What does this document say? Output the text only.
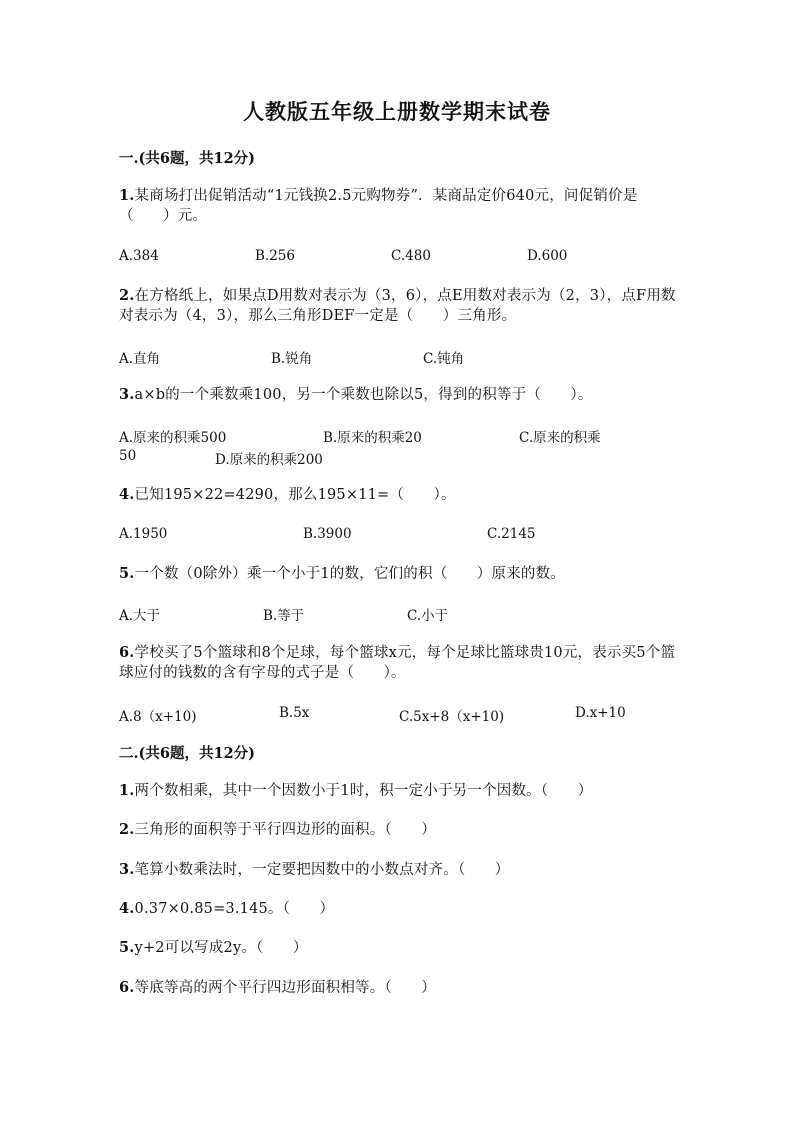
人教版五年级上册数学期末试卷
一.(共6题，共12分)
1.某商场打出促销活动“1元钱换2.5元购物券”．某商品定价640元，问促销价是（　　）元。
A.384	B.256	C.480	D.600
2.在方格纸上，如果点D用数对表示为（3，6），点E用数对表示为（2，3），点F用数对表示为（4，3），那么三角形DEF一定是（　　）三角形。
A.直角	B.锐角	C.钝角
3.a×b的一个乘数乘100，另一个乘数也除以5，得到的积等于（　　）。
A.原来的积乘500	B.原来的积乘20	C.原来的积乘
50	D.原来的积乘200
4.已知195×22=4290，那么195×11=（　　）。
A.1950	B.3900	C.2145
5.一个数（0除外）乘一个小于1的数，它们的积（　　）原来的数。
A.大于	B.等于	C.小于
6.学校买了5个篮球和8个足球，每个篮球x元，每个足球比篮球贵10元，表示买5个篮球应付的钱数的含有字母的式子是（　　）。
A.8（x+10)	B.5x	C.5x+8（x+10)	D.x+10
二.(共6题，共12分)
1.两个数相乘，其中一个因数小于1时，积一定小于另一个因数。（　　）
2.三角形的面积等于平行四边形的面积。（　　）
3.笔算小数乘法时，一定要把因数中的小数点对齐。（　　）
4.0.37×0.85=3.145。（　　）
5.y+2可以写成2y。（　　）
6.等底等高的两个平行四边形面积相等。（　　）
